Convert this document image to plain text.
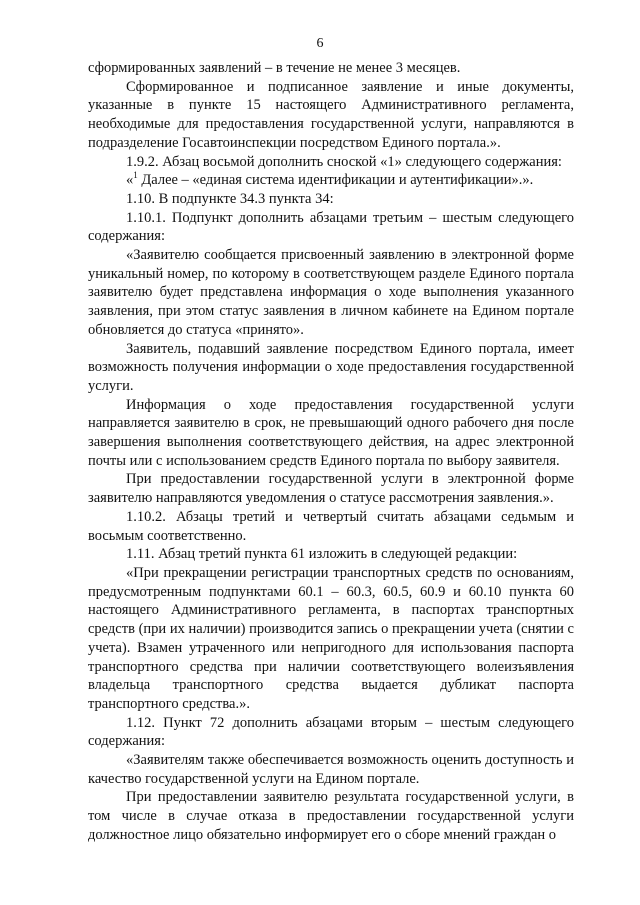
6

сформированных заявлений – в течение не менее 3 месяцев.

Сформированное и подписанное заявление и иные документы, указанные в пункте 15 настоящего Административного регламента, необходимые для предоставления государственной услуги, направляются в подразделение Госавтоинспекции посредством Единого портала.».

1.9.2. Абзац восьмой дополнить сноской «1» следующего содержания:

«$^1$ Далее – «единая система идентификации и аутентификации».».

1.10. В подпункте 34.3 пункта 34:

1.10.1. Подпункт дополнить абзацами третьим – шестым следующего содержания:

«Заявителю сообщается присвоенный заявлению в электронной форме уникальный номер, по которому в соответствующем разделе Единого портала заявителю будет представлена информация о ходе выполнения указанного заявления, при этом статус заявления в личном кабинете на Едином портале обновляется до статуса «принято».

Заявитель, подавший заявление посредством Единого портала, имеет возможность получения информации о ходе предоставления государственной услуги.

Информация о ходе предоставления государственной услуги направляется заявителю в срок, не превышающий одного рабочего дня после завершения выполнения соответствующего действия, на адрес электронной почты или с использованием средств Единого портала по выбору заявителя.

При предоставлении государственной услуги в электронной форме заявителю направляются уведомления о статусе рассмотрения заявления.».

1.10.2. Абзацы третий и четвертый считать абзацами седьмым и восьмым соответственно.

1.11. Абзац третий пункта 61 изложить в следующей редакции:

«При прекращении регистрации транспортных средств по основаниям, предусмотренным подпунктами 60.1 – 60.3, 60.5, 60.9 и 60.10 пункта 60 настоящего Административного регламента, в паспортах транспортных средств (при их наличии) производится запись о прекращении учета (снятии с учета). Взамен утраченного или непригодного для использования паспорта транспортного средства при наличии соответствующего волеизъявления владельца транспортного средства выдается дубликат паспорта транспортного средства.».

1.12. Пункт 72 дополнить абзацами вторым – шестым следующего содержания:

«Заявителям также обеспечивается возможность оценить доступность и качество государственной услуги на Едином портале.

При предоставлении заявителю результата государственной услуги, в том числе в случае отказа в предоставлении государственной услуги должностное лицо обязательно информирует его о сборе мнений граждан о
